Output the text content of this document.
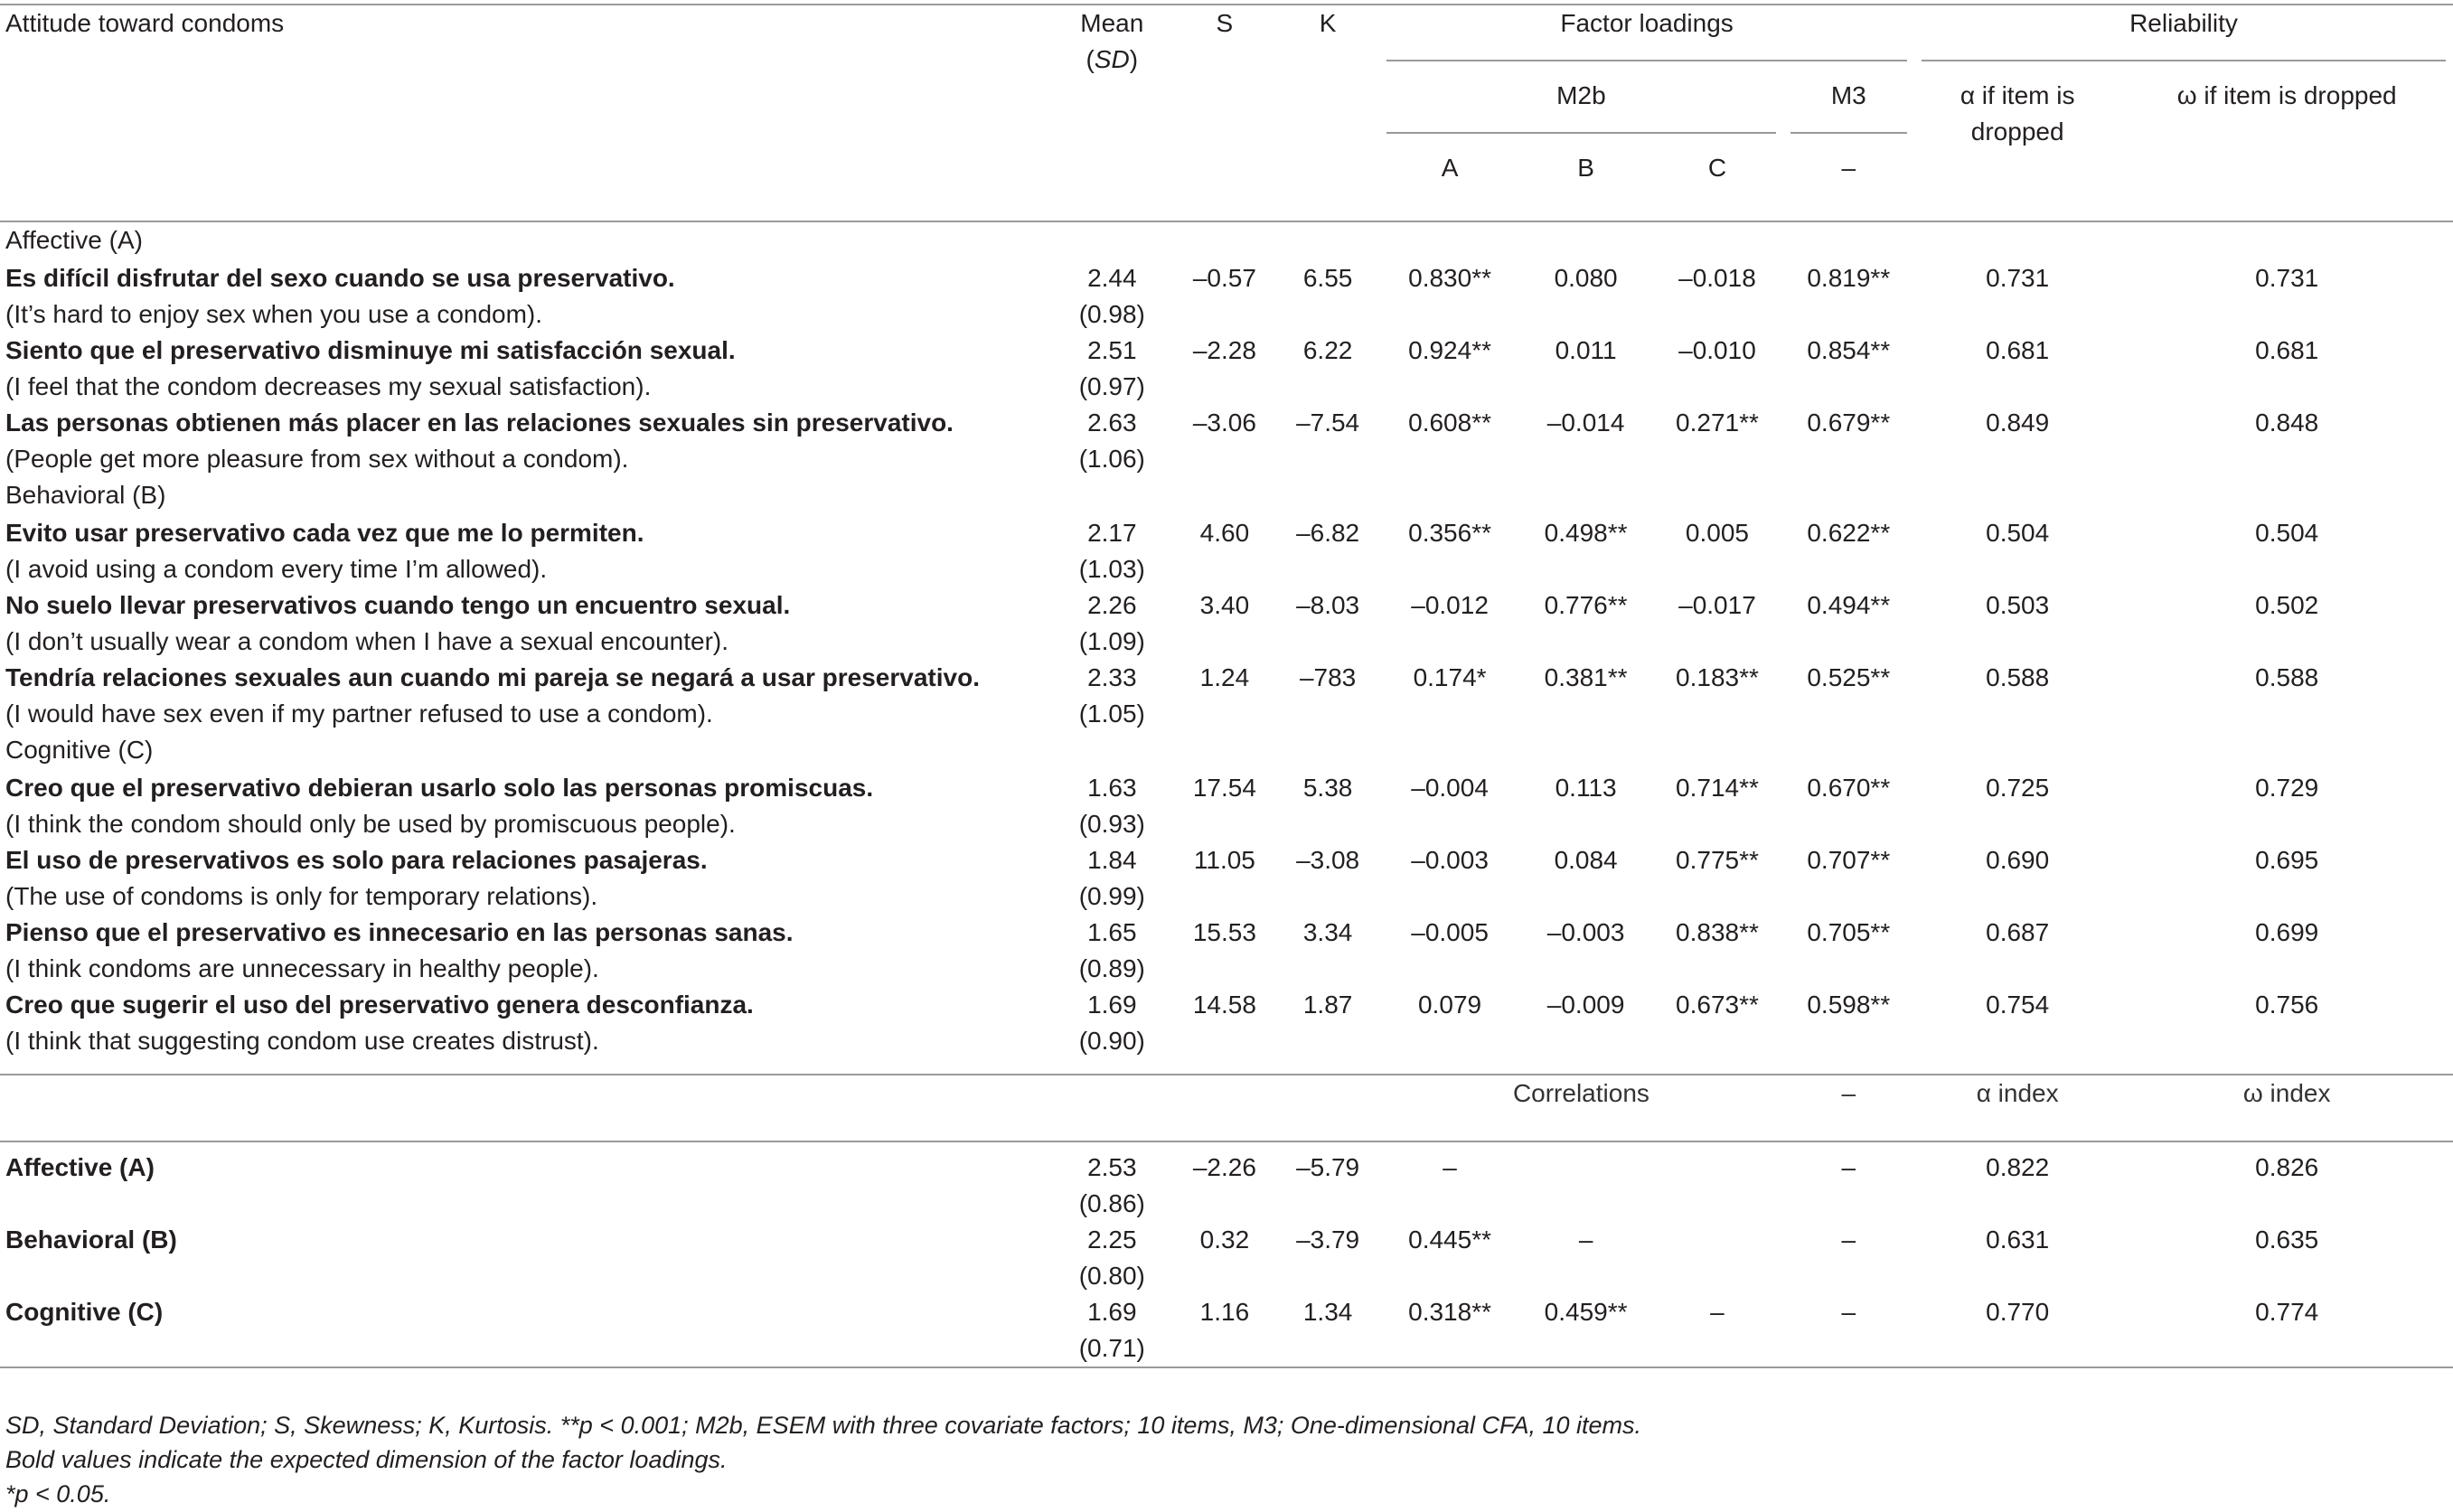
Attitude toward condoms	Mean (SD)	S	K	Factor loadings				Reliability	

				M2b			M3	α if item is dropped	ω if item is dropped
				A	B	C	–		
Affective (A)									

Es difícil disfrutar del sexo cuando se usa preservativo.
(It’s hard to enjoy sex when you use a condom).	2.44 (0.98)	–0.57	6.55	0.830**	0.080	–0.018	0.819**	0.731	0.731

Siento que el preservativo disminuye mi satisfacción sexual.
(I feel that the condom decreases my sexual satisfaction).	2.51 (0.97)	–2.28	6.22	0.924**	0.011	–0.010	0.854**	0.681	0.681

Las personas obtienen más placer en las relaciones sexuales sin preservativo.
(People get more pleasure from sex without a condom).	2.63 (1.06)	–3.06	–7.54	0.608**	–0.014	0.271**	0.679**	0.849	0.848
Behavioral (B)									

Evito usar preservativo cada vez que me lo permiten.
(I avoid using a condom every time I’m allowed).	2.17 (1.03)	4.60	–6.82	0.356**	0.498**	0.005	0.622**	0.504	0.504

No suelo llevar preservativos cuando tengo un encuentro sexual.
(I don’t usually wear a condom when I have a sexual encounter).	2.26 (1.09)	3.40	–8.03	–0.012	0.776**	–0.017	0.494**	0.503	0.502

Tendría relaciones sexuales aun cuando mi pareja se negará a usar preservativo.
(I would have sex even if my partner refused to use a condom).	2.33 (1.05)	1.24	–783	0.174*	0.381**	0.183**	0.525**	0.588	0.588
Cognitive (C)									

Creo que el preservativo debieran usarlo solo las personas promiscuas.
(I think the condom should only be used by promiscuous people).	1.63 (0.93)	17.54	5.38	–0.004	0.113	0.714**	0.670**	0.725	0.729

El uso de preservativos es solo para relaciones pasajeras.
(The use of condoms is only for temporary relations).	1.84 (0.99)	11.05	–3.08	–0.003	0.084	0.775**	0.707**	0.690	0.695

Pienso que el preservativo es innecesario en las personas sanas.
(I think condoms are unnecessary in healthy people).	1.65 (0.89)	15.53	3.34	–0.005	–0.003	0.838**	0.705**	0.687	0.699

Creo que sugerir el uso del preservativo genera desconfianza.
(I think that suggesting condom use creates distrust).	1.69 (0.90)	14.58	1.87	0.079	–0.009	0.673**	0.598**	0.754	0.756

				Correlations			–	α index	ω index

Affective (A)	2.53 (0.86)	–2.26	–5.79	–			–	0.822	0.826
Behavioral (B)	2.25 (0.80)	0.32	–3.79	0.445**	–		–	0.631	0.635
Cognitive (C)	1.69 (0.71)	1.16	1.34	0.318**	0.459**	–	–	0.770	0.774
SD, Standard Deviation; S, Skewness; K, Kurtosis. **p < 0.001; M2b, ESEM with three covariate factors; 10 items, M3; One-dimensional CFA, 10 items.
Bold values indicate the expected dimension of the factor loadings.
*p < 0.05.
